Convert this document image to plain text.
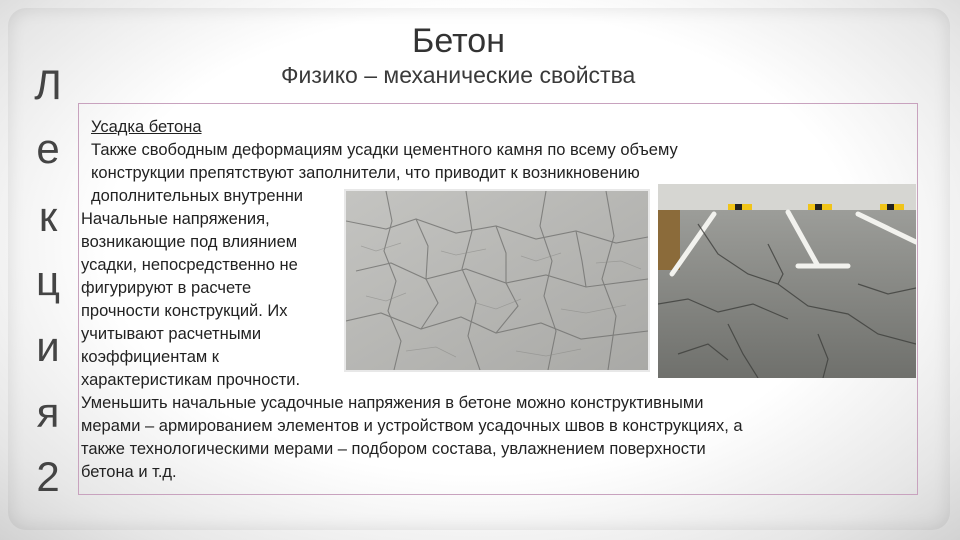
Л
е
к
ц
и
я
2
Бетон
Физико – механические свойства
Усадка бетона
Также свободным деформациям усадки цементного камня по всему объему
конструкции препятствуют заполнители, что приводит к возникновению
дополнительных внутренни
Начальные напряжения,
возникающие под влиянием
усадки, непосредственно не
фигурируют в расчете
прочности конструкций. Их
учитывают расчетными
коэффициентам к
характеристикам прочности.
Уменьшить начальные усадочные напряжения в бетоне можно конструктивными
мерами – армированием элементов и устройством усадочных швов в конструкциях, а
также технологическими мерами – подбором состава, увлажнением поверхности
бетона и т.д.
